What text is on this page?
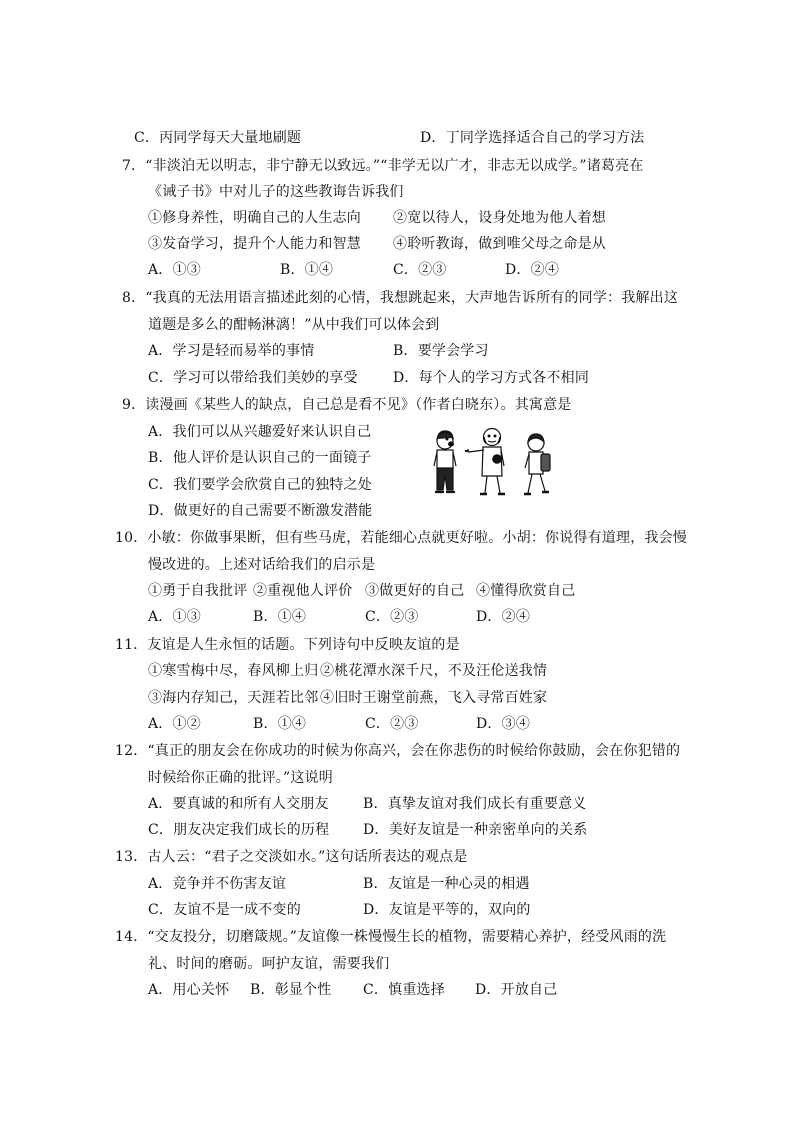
C．丙同学每天大量地刷题	D．丁同学选择适合自己的学习方法
7．“非淡泊无以明志，非宁静无以致远。”“非学无以广才，非志无以成学。”诸葛亮在
《诫子书》中对儿子的这些教诲告诉我们
①修身养性，明确自己的人生志向 ②宽以待人，设身处地为他人着想
③发奋学习，提升个人能力和智慧 ④聆听教诲，做到唯父母之命是从
A．①③	B．①④	C．②③	D．②④
8．“我真的无法用语言描述此刻的心情，我想跳起来，大声地告诉所有的同学：我解出这
道题是多么的酣畅淋漓！”从中我们可以体会到
A．学习是轻而易举的事情	B．要学会学习
C．学习可以带给我们美妙的享受	D．每个人的学习方式各不相同
9．读漫画《某些人的缺点，自己总是看不见》（作者白晓东）。其寓意是
A．我们可以从兴趣爱好来认识自己
B．他人评价是认识自己的一面镜子
C．我们要学会欣赏自己的独特之处
D．做更好的自己需要不断激发潜能
10．小敏：你做事果断，但有些马虎，若能细心点就更好啦。小胡：你说得有道理，我会慢
慢改进的。上述对话给我们的启示是
①勇于自我批评 ②重视他人评价 ③做更好的自己 ④懂得欣赏自己
A．①③	B．①④	C．②③	D．②④
11．友谊是人生永恒的话题。下列诗句中反映友谊的是
①寒雪梅中尽，春风柳上归 ②桃花潭水深千尺，不及汪伦送我情
③海内存知己，天涯若比邻 ④旧时王谢堂前燕，飞入寻常百姓家
A．①②	B．①④	C．②③	D．③④
12．“真正的朋友会在你成功的时候为你高兴，会在你悲伤的时候给你鼓励，会在你犯错的
时候给你正确的批评。”这说明
A．要真诚的和所有人交朋友 B．真挚友谊对我们成长有重要意义
C．朋友决定我们成长的历程 D．美好友谊是一种亲密单向的关系
13．古人云：“君子之交淡如水。”这句话所表达的观点是
A．竞争并不伤害友谊	B．友谊是一种心灵的相遇
C．友谊不是一成不变的	D．友谊是平等的，双向的
14．“交友投分，切磨箴规。”友谊像一株慢慢生长的植物，需要精心养护，经受风雨的洗
礼、时间的磨砺。呵护友谊，需要我们
A．用心关怀 B．彰显个性 C．慎重选择 D．开放自己
